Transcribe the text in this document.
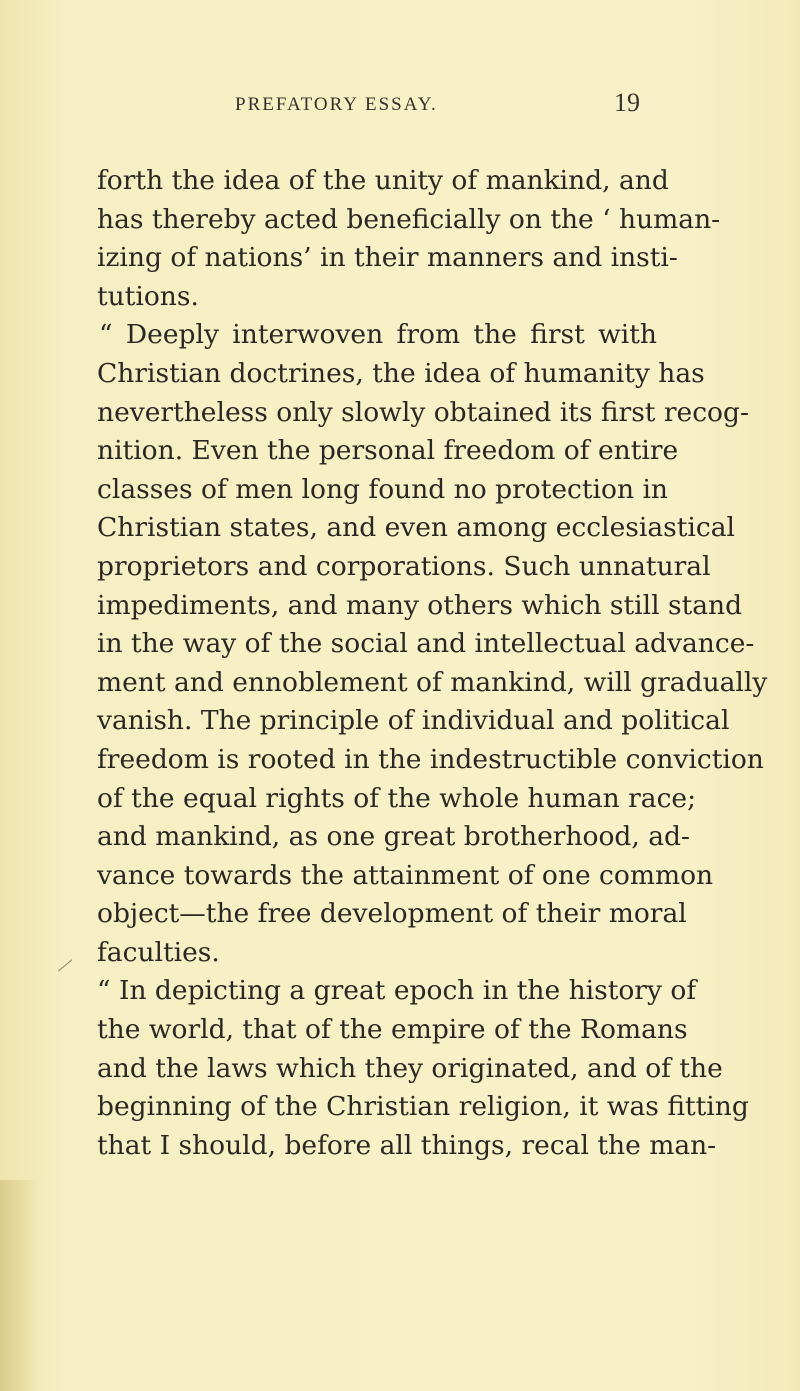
PREFATORY ESSAY.	19
forth the idea of the unity of mankind, and
has thereby acted beneficially on the ‘ human-
izing of nations’ in their manners and insti-
tutions.
“ Deeply interwoven from the first with
Christian doctrines, the idea of humanity has
nevertheless only slowly obtained its first recog-
nition. Even the personal freedom of entire
classes of men long found no protection in
Christian states, and even among ecclesiastical
proprietors and corporations. Such unnatural
impediments, and many others which still stand
in the way of the social and intellectual advance-
ment and ennoblement of mankind, will gradually
vanish. The principle of individual and political
freedom is rooted in the indestructible conviction
of the equal rights of the whole human race;
and mankind, as one great brotherhood, ad-
vance towards the attainment of one common
object—the free development of their moral
faculties.
“ In depicting a great epoch in the history of
the world, that of the empire of the Romans
and the laws which they originated, and of the
beginning of the Christian religion, it was fitting
that I should, before all things, recal the man-
